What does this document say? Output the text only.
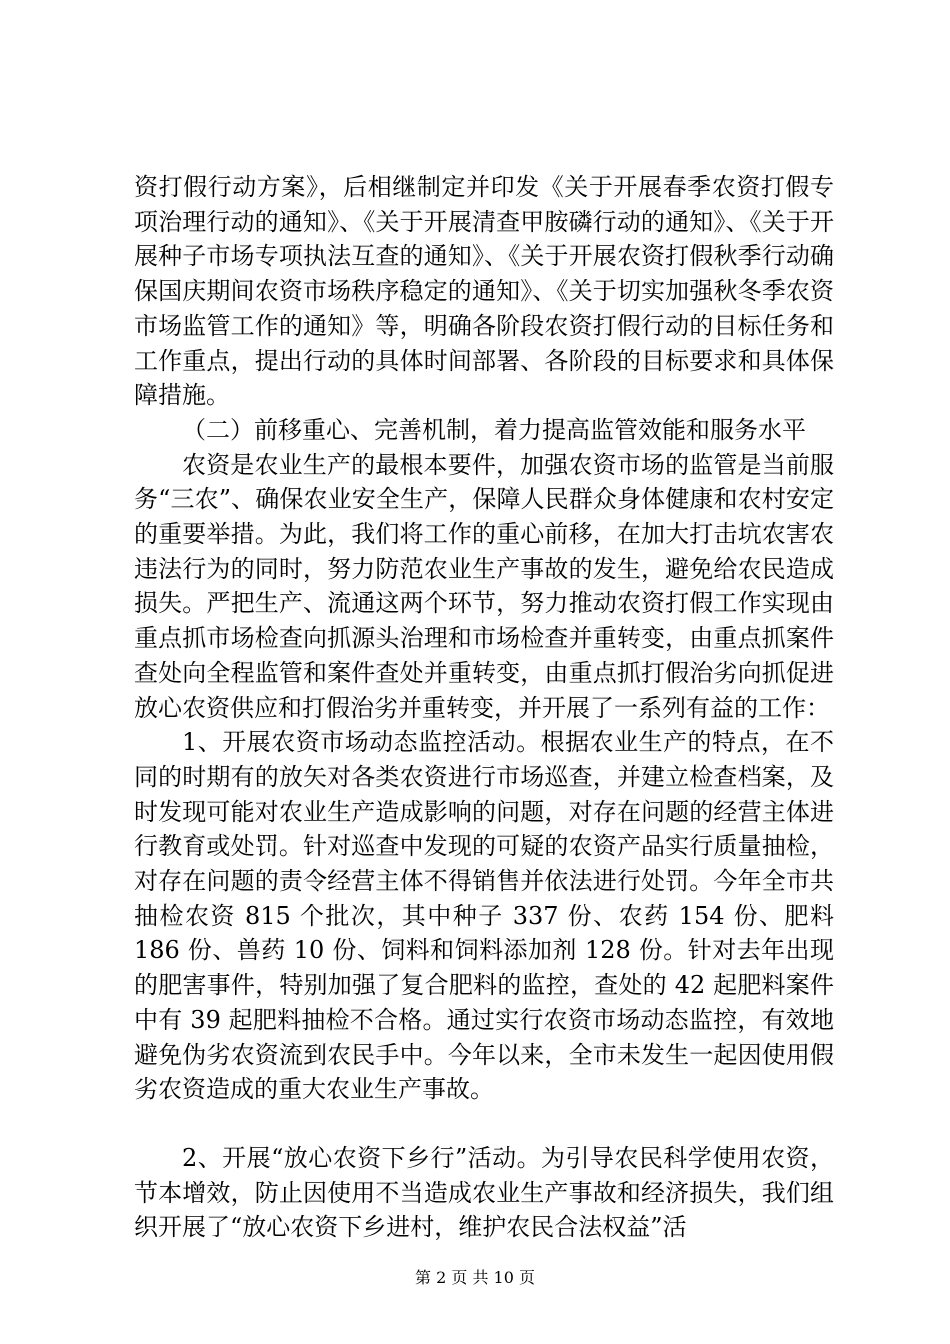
资打假行动方案》，后相继制定并印发《关于开展春季农资打假专项治理行动的通知》、《关于开展清查甲胺磷行动的通知》、《关于开展种子市场专项执法互查的通知》、《关于开展农资打假秋季行动确保国庆期间农资市场秩序稳定的通知》、《关于切实加强秋冬季农资市场监管工作的通知》等，明确各阶段农资打假行动的目标任务和工作重点，提出行动的具体时间部署、各阶段的目标要求和具体保障措施。

（二）前移重心、完善机制，着力提高监管效能和服务水平

农资是农业生产的最根本要件，加强农资市场的监管是当前服务“三农”、确保农业安全生产，保障人民群众身体健康和农村安定的重要举措。为此，我们将工作的重心前移，在加大打击坑农害农违法行为的同时，努力防范农业生产事故的发生，避免给农民造成损失。严把生产、流通这两个环节，努力推动农资打假工作实现由重点抓市场检查向抓源头治理和市场检查并重转变，由重点抓案件查处向全程监管和案件查处并重转变，由重点抓打假治劣向抓促进放心农资供应和打假治劣并重转变，并开展了一系列有益的工作：

1、开展农资市场动态监控活动。根据农业生产的特点，在不同的时期有的放矢对各类农资进行市场巡查，并建立检查档案，及时发现可能对农业生产造成影响的问题，对存在问题的经营主体进行教育或处罚。针对巡查中发现的可疑的农资产品实行质量抽检，对存在问题的责令经营主体不得销售并依法进行处罚。今年全市共抽检农资 815 个批次，其中种子 337 份、农药 154 份、肥料 186 份、兽药 10 份、饲料和饲料添加剂 128 份。针对去年出现的肥害事件，特别加强了复合肥料的监控，查处的 42 起肥料案件中有 39 起肥料抽检不合格。通过实行农资市场动态监控，有效地避免伪劣农资流到农民手中。今年以来，全市未发生一起因使用假劣农资造成的重大农业生产事故。

2、开展“放心农资下乡行”活动。为引导农民科学使用农资，节本增效，防止因使用不当造成农业生产事故和经济损失，我们组织开展了“放心农资下乡进村，维护农民合法权益”活

第 2 页 共 10 页
